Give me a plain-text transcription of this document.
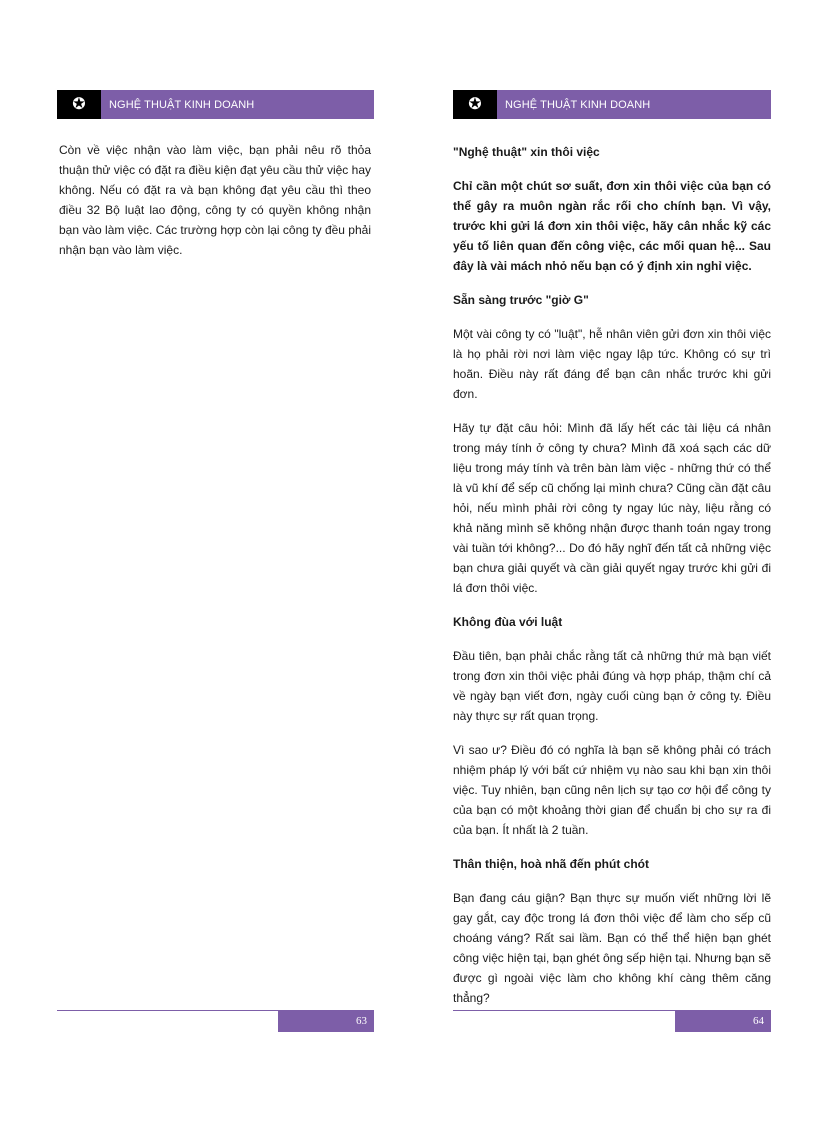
✪ NGHỆ THUẬT KINH DOANH

Còn về việc nhận vào làm việc, bạn phải nêu rõ thỏa thuận thử việc có đặt ra điều kiện đạt yêu cầu thử việc hay không. Nếu có đặt ra và bạn không đạt yêu cầu thì theo điều 32 Bộ luật lao động, công ty có quyền không nhận bạn vào làm việc. Các trường hợp còn lại công ty đều phải nhận bạn vào làm việc.

63
✪ NGHỆ THUẬT KINH DOANH
"Nghệ thuật" xin thôi việc

Chỉ cần một chút sơ suất, đơn xin thôi việc của bạn có thể gây ra muôn ngàn rắc rối cho chính bạn. Vì vậy, trước khi gửi lá đơn xin thôi việc, hãy cân nhắc kỹ các yếu tố liên quan đến công việc, các mối quan hệ... Sau đây là vài mách nhỏ nếu bạn có ý định xin nghỉ việc.

Sẵn sàng trước "giờ G"

Một vài công ty có "luật", hễ nhân viên gửi đơn xin thôi việc là họ phải rời nơi làm việc ngay lập tức. Không có sự trì hoãn. Điều này rất đáng để bạn cân nhắc trước khi gửi đơn.

Hãy tự đặt câu hỏi: Mình đã lấy hết các tài liệu cá nhân trong máy tính ở công ty chưa? Mình đã xoá sạch các dữ liệu trong máy tính và trên bàn làm việc - những thứ có thể là vũ khí để sếp cũ chống lại mình chưa? Cũng cần đặt câu hỏi, nếu mình phải rời công ty ngay lúc này, liệu rằng có khả năng mình sẽ không nhận được thanh toán ngay trong vài tuần tới không?... Do đó hãy nghĩ đến tất cả những việc bạn chưa giải quyết và cần giải quyết ngay trước khi gửi đi lá đơn thôi việc.

Không đùa với luật

Đầu tiên, bạn phải chắc rằng tất cả những thứ mà bạn viết trong đơn xin thôi việc phải đúng và hợp pháp, thậm chí cả về ngày bạn viết đơn, ngày cuối cùng bạn ở công ty. Điều này thực sự rất quan trọng.

Vì sao ư? Điều đó có nghĩa là bạn sẽ không phải có trách nhiệm pháp lý với bất cứ nhiệm vụ nào sau khi bạn xin thôi việc. Tuy nhiên, bạn cũng nên lịch sự tạo cơ hội để công ty của bạn có một khoảng thời gian để chuẩn bị cho sự ra đi của bạn. Ít nhất là 2 tuần.

Thân thiện, hoà nhã đến phút chót

Bạn đang cáu giận? Bạn thực sự muốn viết những lời lẽ gay gắt, cay độc trong lá đơn thôi việc để làm cho sếp cũ choáng váng? Rất sai lầm. Bạn có thể thể hiện bạn ghét công việc hiện tại, bạn ghét ông sếp hiện tại. Nhưng bạn sẽ được gì ngoài việc làm cho không khí càng thêm căng thẳng?

64
